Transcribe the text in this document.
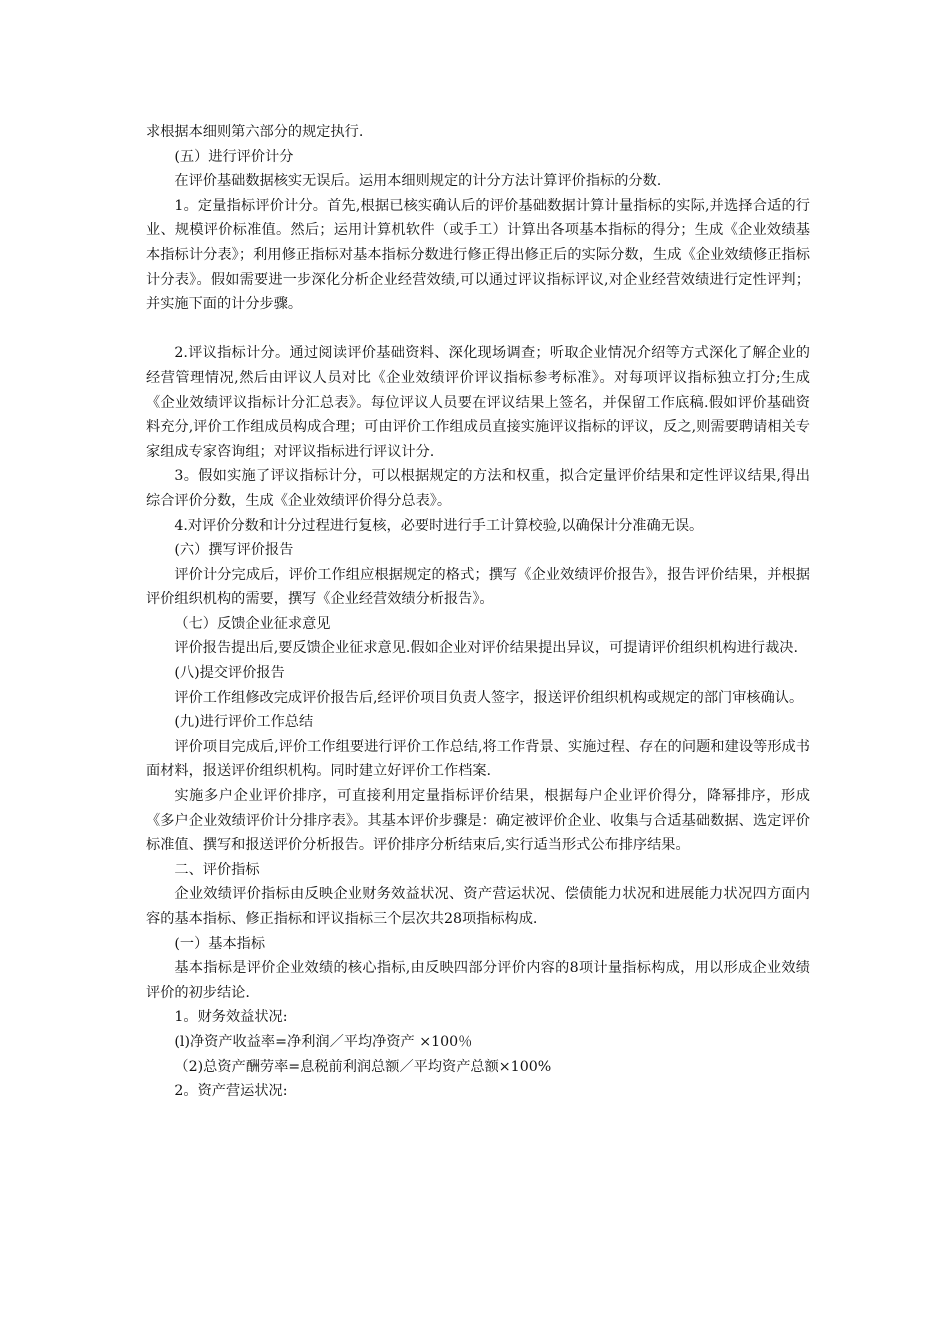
求根据本细则第六部分的规定执行.

(五）进行评价计分

在评价基础数据核实无误后。运用本细则规定的计分方法计算评价指标的分数.

1。定量指标评价计分。首先,根据已核实确认后的评价基础数据计算计量指标的实际,并选择合适的行业、规模评价标准值。然后；运用计算机软件（或手工）计算出各项基本指标的得分；生成《企业效绩基本指标计分表》；利用修正指标对基本指标分数进行修正得出修正后的实际分数，生成《企业效绩修正指标计分表》。假如需要进一步深化分析企业经营效绩,可以通过评议指标评议,对企业经营效绩进行定性评判；并实施下面的计分步骤。

2.评议指标计分。通过阅读评价基础资料、深化现场调查；听取企业情况介绍等方式深化了解企业的经营管理情况,然后由评议人员对比《企业效绩评价评议指标参考标准》。对每项评议指标独立打分;生成《企业效绩评议指标计分汇总表》。每位评议人员要在评议结果上签名，并保留工作底稿.假如评价基础资料充分,评价工作组成员构成合理；可由评价工作组成员直接实施评议指标的评议，反之,则需要聘请相关专家组成专家咨询组；对评议指标进行评议计分.

3。假如实施了评议指标计分，可以根据规定的方法和权重，拟合定量评价结果和定性评议结果,得出综合评价分数，生成《企业效绩评价得分总表》。

4.对评价分数和计分过程进行复核，必要时进行手工计算校验,以确保计分准确无误。

(六）撰写评价报告

评价计分完成后，评价工作组应根据规定的格式；撰写《企业效绩评价报告》，报告评价结果，并根据评价组织机构的需要，撰写《企业经营效绩分析报告》。

（七）反馈企业征求意见

评价报告提出后,要反馈企业征求意见.假如企业对评价结果提出异议，可提请评价组织机构进行裁决.

(八)提交评价报告

评价工作组修改完成评价报告后,经评价项目负责人签字，报送评价组织机构或规定的部门审核确认。

(九)进行评价工作总结

评价项目完成后,评价工作组要进行评价工作总结,将工作背景、实施过程、存在的问题和建设等形成书面材料，报送评价组织机构。同时建立好评价工作档案.

实施多户企业评价排序，可直接利用定量指标评价结果，根据每户企业评价得分，降幂排序，形成《多户企业效绩评价计分排序表》。其基本评价步骤是：确定被评价企业、收集与合适基础数据、选定评价标准值、撰写和报送评价分析报告。评价排序分析结束后,实行适当形式公布排序结果。

二、评价指标

企业效绩评价指标由反映企业财务效益状况、资产营运状况、偿债能力状况和进展能力状况四方面内容的基本指标、修正指标和评议指标三个层次共28项指标构成.

(一）基本指标

基本指标是评价企业效绩的核心指标,由反映四部分评价内容的8项计量指标构成，用以形成企业效绩评价的初步结论.

1。财务效益状况:

(l)净资产收益率=净利润／平均净资产 ×100％

（2)总资产酬劳率=息税前利润总额／平均资产总额×100%

2。资产营运状况:
